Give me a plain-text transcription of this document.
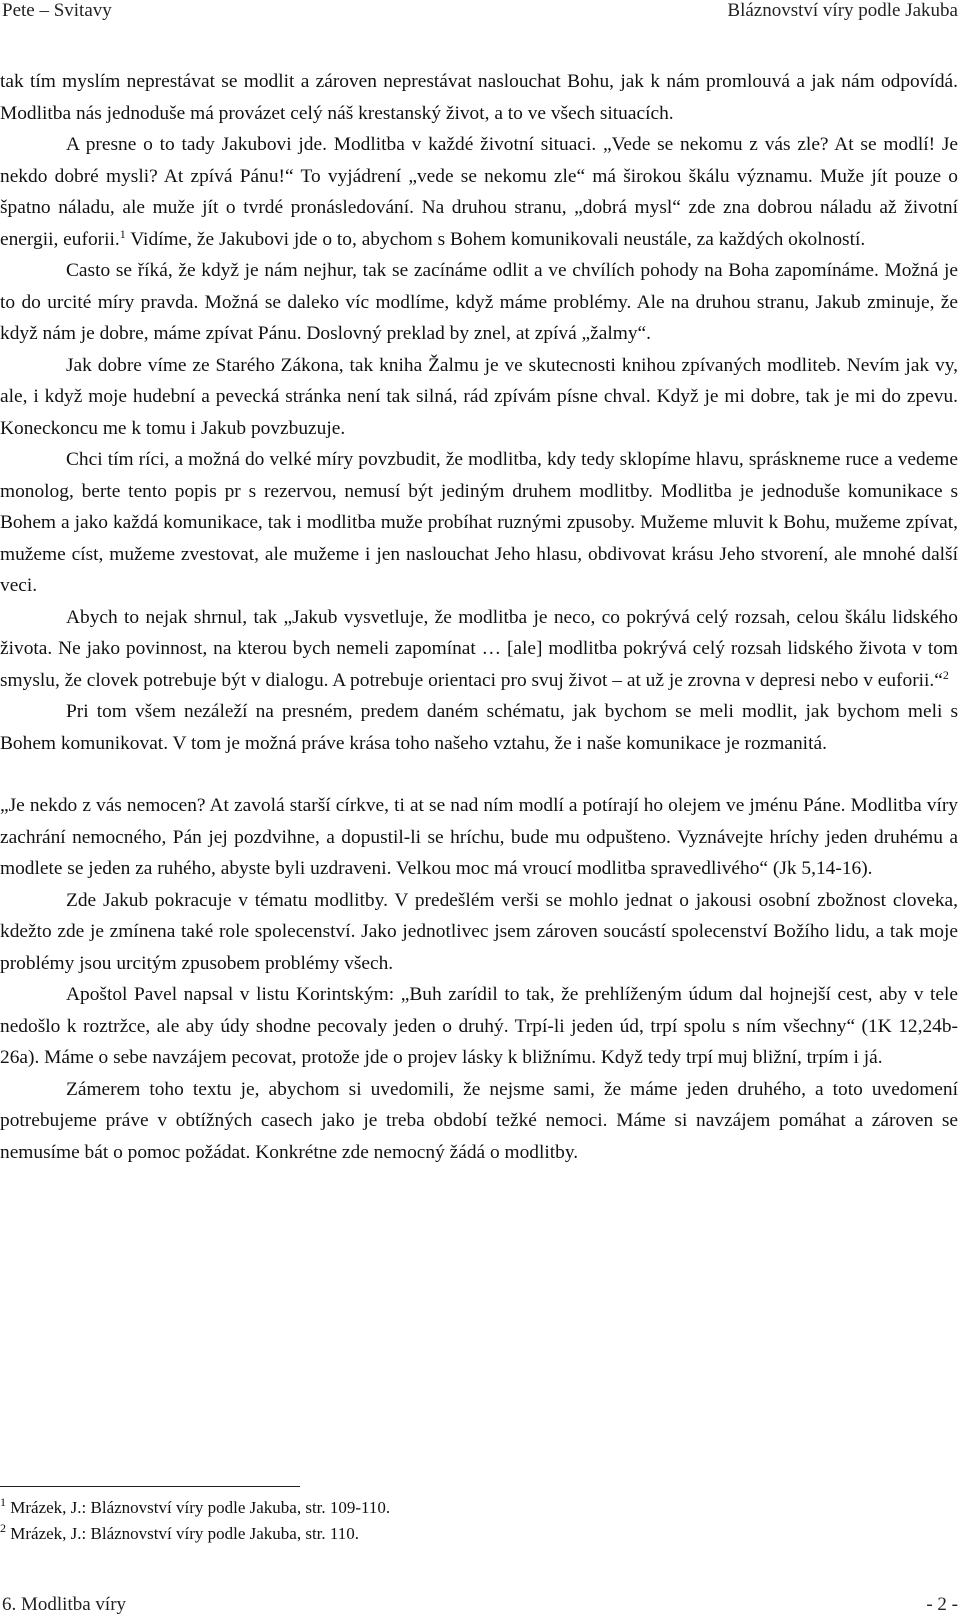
Pete – Svitavy	Bláznovství víry podle Jakuba

tak tím myslím neprestávat se modlit a zároven neprestávat naslouchat Bohu, jak k nám promlouvá a jak nám odpovídá. Modlitba nás jednoduše má provázet celý náš krestanský život, a to ve všech situacích.

A presne o to tady Jakubovi jde. Modlitba v každé životní situaci. „Vede se nekomu z vás zle? At se modlí! Je nekdo dobré mysli? At zpívá Pánu!“ To vyjádrení „vede se nekomu zle“ má širokou škálu významu. Muže jít pouze o špatno náladu, ale muže jít o tvrdé pronásledování. Na druhou stranu, „dobrá mysl“ zde zna dobrou náladu až životní energii, euforii.$^1$ Vidíme, že Jakubovi jde o to, abychom s Bohem komunikovali neustále, za každých okolností.

Casto se říká, že když je nám nejhur, tak se zacínáme odlit a ve chvílích pohody na Boha zapomínáme. Možná je to do urcité míry pravda. Možná se daleko víc modlíme, když máme problémy. Ale na druhou stranu, Jakub zminuje, že když nám je dobre, máme zpívat Pánu. Doslovný preklad by znel, at zpívá „žalmy“.

Jak dobre víme ze Starého Zákona, tak kniha Žalmu je ve skutecnosti knihou zpívaných modliteb. Nevím jak vy, ale, i když moje hudební a pevecká stránka není tak silná, rád zpívám písne chval. Když je mi dobre, tak je mi do zpevu. Koneckoncu me k tomu i Jakub povzbuzuje.

Chci tím ríci, a možná do velké míry povzbudit, že modlitba, kdy tedy sklopíme hlavu, spráskneme ruce a vedeme monolog, berte tento popis pr s rezervou, nemusí být jediným druhem modlitby. Modlitba je jednoduše komunikace s Bohem a jako každá komunikace, tak i modlitba muže probíhat ruznými zpusoby. Mužeme mluvit k Bohu, mužeme zpívat, mužeme císt, mužeme zvestovat, ale mužeme i jen naslouchat Jeho hlasu, obdivovat krásu Jeho stvorení, ale mnohé další veci.

Abych to nejak shrnul, tak „Jakub vysvetluje, že modlitba je neco, co pokrývá celý rozsah, celou škálu lidského života. Ne jako povinnost, na kterou bych nemeli zapomínat … [ale] modlitba pokrývá celý rozsah lidského života v tom smyslu, že clovek potrebuje být v dialogu. A potrebuje orientaci pro svuj život – at už je zrovna v depresi nebo v euforii.“$^2$

Pri tom všem nezáleží na presném, predem daném schématu, jak bychom se meli modlit, jak bychom meli s Bohem komunikovat. V tom je možná práve krása toho našeho vztahu, že i naše komunikace je rozmanitá.

„Je nekdo z vás nemocen? At zavolá starší církve, ti at se nad ním modlí a potírají ho olejem ve jménu Páne. Modlitba víry zachrání nemocného, Pán jej pozdvihne, a dopustil-li se hríchu, bude mu odpušteno. Vyznávejte hríchy jeden druhému a modlete se jeden za ruhého, abyste byli uzdraveni. Velkou moc má vroucí modlitba spravedlivého“ (Jk 5,14-16).

Zde Jakub pokracuje v tématu modlitby. V predešlém verši se mohlo jednat o jakousi osobní zbožnost cloveka, kdežto zde je zmínena také role spolecenství. Jako jednotlivec jsem zároven soucástí spolecenství Božího lidu, a tak moje problémy jsou urcitým zpusobem problémy všech.

Apoštol Pavel napsal v listu Korintským: „Buh zarídil to tak, že prehlíženým údum dal hojnejší cest, aby v tele nedošlo k roztržce, ale aby údy shodne pecovaly jeden o druhý. Trpí-li jeden úd, trpí spolu s ním všechny“ (1K 12,24b-26a). Máme o sebe navzájem pecovat, protože jde o projev lásky k bližnímu. Když tedy trpí muj bližní, trpím i já.

Zámerem toho textu je, abychom si uvedomili, že nejsme sami, že máme jeden druhého, a toto uvedomení potrebujeme práve v obtížných casech jako je treba období težké nemoci. Máme si navzájem pomáhat a zároven se nemusíme bát o pomoc požádat. Konkrétne zde nemocný žádá o modlitby.

$^1$ Mrázek, J.: Bláznovství víry podle Jakuba, str. 109-110.
$^2$ Mrázek, J.: Bláznovství víry podle Jakuba, str. 110.
6. Modlitba víry	- 2 -
